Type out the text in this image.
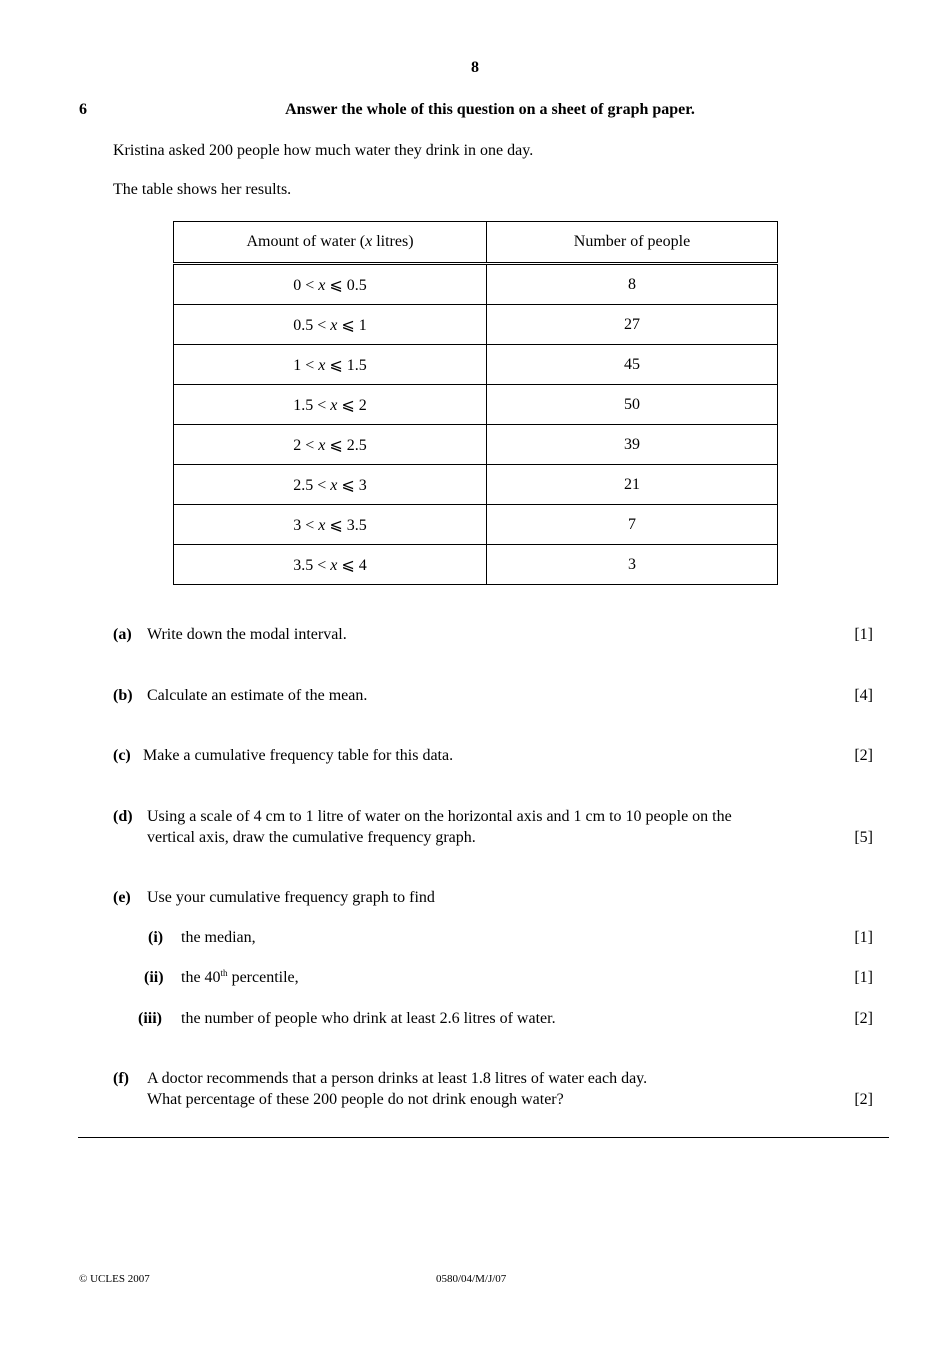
8
6	Answer the whole of this question on a sheet of graph paper.
Kristina asked 200 people how much water they drink in one day.
The table shows her results.
Amount of water (x litres)	Number of people
0 < x ⩽ 0.5	8
0.5 < x ⩽ 1	27
1 < x ⩽ 1.5	45
1.5 < x ⩽ 2	50
2 < x ⩽ 2.5	39
2.5 < x ⩽ 3	21
3 < x ⩽ 3.5	7
3.5 < x ⩽ 4	3
(a) Write down the modal interval.	[1]
(b) Calculate an estimate of the mean.	[4]
(c) Make a cumulative frequency table for this data.	[2]
(d) Using a scale of 4 cm to 1 litre of water on the horizontal axis and 1 cm to 10 people on the
vertical axis, draw the cumulative frequency graph.	[5]
(e) Use your cumulative frequency graph to find
(i) the median,	[1]
(ii) the 40th percentile,	[1]
(iii) the number of people who drink at least 2.6 litres of water.	[2]
(f) A doctor recommends that a person drinks at least 1.8 litres of water each day.
What percentage of these 200 people do not drink enough water?	[2]
© UCLES 2007	0580/04/M/J/07
